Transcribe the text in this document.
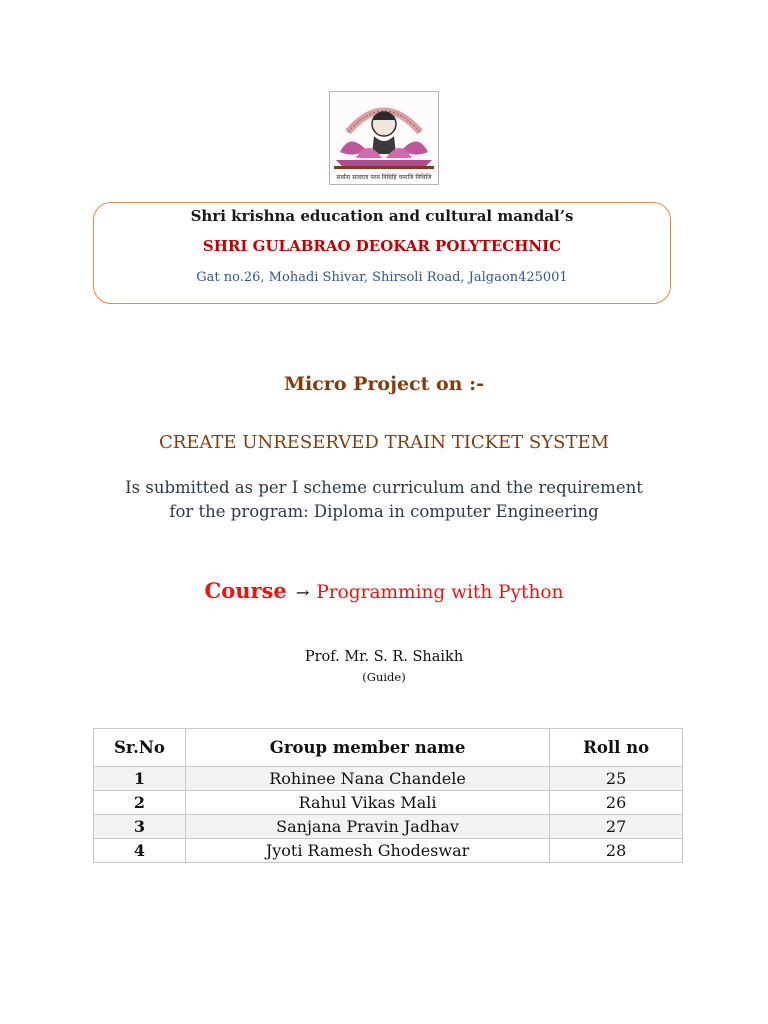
सर्वांना सादरता परम निधिहि चमाजि निधिजि
Shri krishna education and cultural mandal’s
SHRI GULABRAO DEOKAR POLYTECHNIC
Gat no.26, Mohadi Shivar, Shirsoli Road, Jalgaon425001
Micro Project on :-
CREATE UNRESERVED TRAIN TICKET SYSTEM
Is submitted as per I scheme curriculum and the requirement
for the program: Diploma in computer Engineering
Course → Programming with Python
Prof. Mr. S. R. Shaikh
(Guide)
Sr.No	Group member name	Roll no
1	Rohinee Nana Chandele	25
2	Rahul Vikas Mali	26
3	Sanjana Pravin Jadhav	27
4	Jyoti Ramesh Ghodeswar	28
